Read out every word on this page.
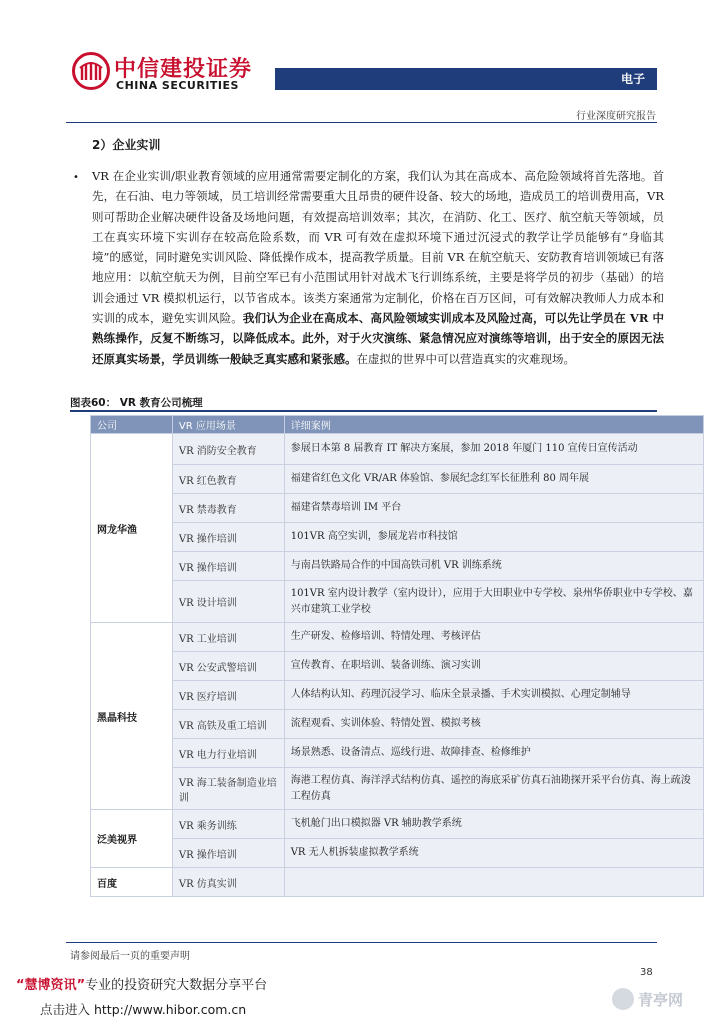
中信建投证券
CHINA SECURITIES	电子
行业深度研究报告
2）企业实训
• VR 在企业实训/职业教育领域的应用通常需要定制化的方案，我们认为其在高成本、高危险领域将首先落地。首先，在石油、电力等领域，员工培训经常需要重大且昂贵的硬件设备、较大的场地，造成员工的培训费用高，VR 则可帮助企业解决硬件设备及场地问题，有效提高培训效率；其次，在消防、化工、医疗、航空航天等领域，员工在真实环境下实训存在较高危险系数，而 VR 可有效在虚拟环境下通过沉浸式的教学让学员能够有“身临其境”的感觉，同时避免实训风险、降低操作成本，提高教学质量。目前 VR 在航空航天、安防教育培训领域已有落地应用：以航空航天为例，目前空军已有小范围试用针对战术飞行训练系统，主要是将学员的初步（基础）的培训会通过 VR 模拟机运行，以节省成本。该类方案通常为定制化，价格在百万区间，可有效解决教师人力成本和实训的成本，避免实训风险。我们认为企业在高成本、高风险领域实训成本及风险过高，可以先让学员在 VR 中熟练操作，反复不断练习，以降低成本。此外，对于火灾演练、紧急情况应对演练等培训，出于安全的原因无法还原真实场景，学员训练一般缺乏真实感和紧张感。在虚拟的世界中可以营造真实的灾难现场。
图表60： VR 教育公司梳理
公司	VR 应用场景	详细案例
网龙华渔	VR 消防安全教育	参展日本第 8 届教育 IT 解决方案展，参加 2018 年厦门 110 宣传日宣传活动
	VR 红色教育	福建省红色文化 VR/AR 体验馆、参展纪念红军长征胜利 80 周年展
	VR 禁毒教育	福建省禁毒培训 IM 平台
	VR 操作培训	101VR 高空实训，参展龙岩市科技馆
	VR 操作培训	与南昌铁路局合作的中国高铁司机 VR 训练系统
	VR 设计培训	101VR 室内设计教学（室内设计），应用于大田职业中专学校、泉州华侨职业中专学校、嘉兴市建筑工业学校
黑晶科技	VR 工业培训	生产研发、检修培训、特情处理、考核评估
	VR 公安武警培训	宣传教育、在职培训、装备训练、演习实训
	VR 医疗培训	人体结构认知、药理沉浸学习、临床全景录播、手术实训模拟、心理定制辅导
	VR 高铁及重工培训	流程观看、实训体验、特情处置、模拟考核
	VR 电力行业培训	场景熟悉、设备清点、巡线行进、故障排查、检修维护
	VR 海工装备制造业培训	海港工程仿真、海洋浮式结构仿真、遥控的海底采矿仿真石油勘探开采平台仿真、海上疏浚工程仿真
泛美视界	VR 乘务训练	飞机舱门出口模拟器 VR 辅助教学系统
	VR 操作培训	VR 无人机拆装虚拟教学系统
百度	VR 仿真实训	
请参阅最后一页的重要声明
38
“慧博资讯”专业的投资研究大数据分享平台
点击进入 http://www.hibor.com.cn
青亭网
